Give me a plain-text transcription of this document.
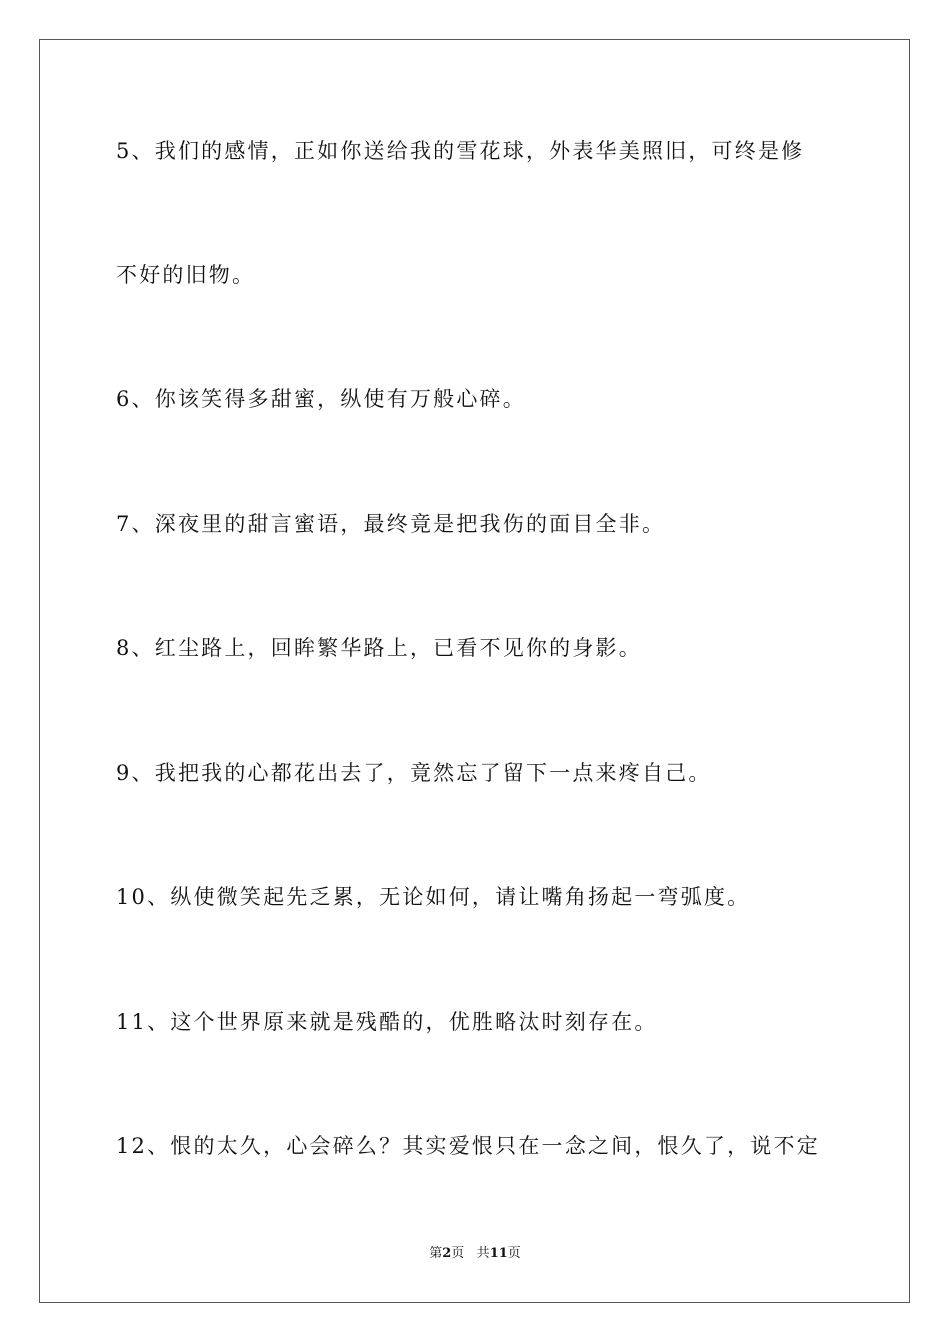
5、我们的感情，正如你送给我的雪花球，外表华美照旧，可终是修
不好的旧物。
6、你该笑得多甜蜜，纵使有万般心碎。
7、深夜里的甜言蜜语，最终竟是把我伤的面目全非。
8、红尘路上，回眸繁华路上，已看不见你的身影。
9、我把我的心都花出去了，竟然忘了留下一点来疼自己。
10、纵使微笑起先乏累，无论如何，请让嘴角扬起一弯弧度。
11、这个世界原来就是残酷的，优胜略汰时刻存在。
12、恨的太久，心会碎么？其实爱恨只在一念之间，恨久了，说不定
第2页 共11页
